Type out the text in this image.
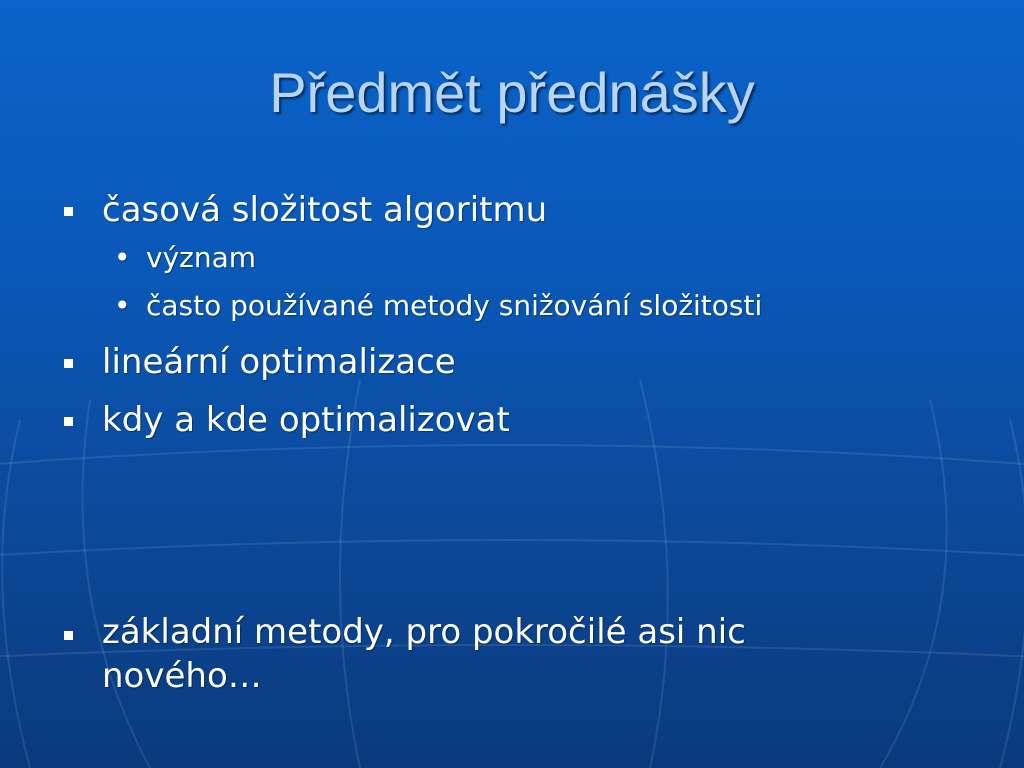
Předmět přednášky
časová složitost algoritmu
• význam
• často používané metody snižování složitosti
lineární optimalizace
kdy a kde optimalizovat
základní metody, pro pokročilé asi nic nového…
